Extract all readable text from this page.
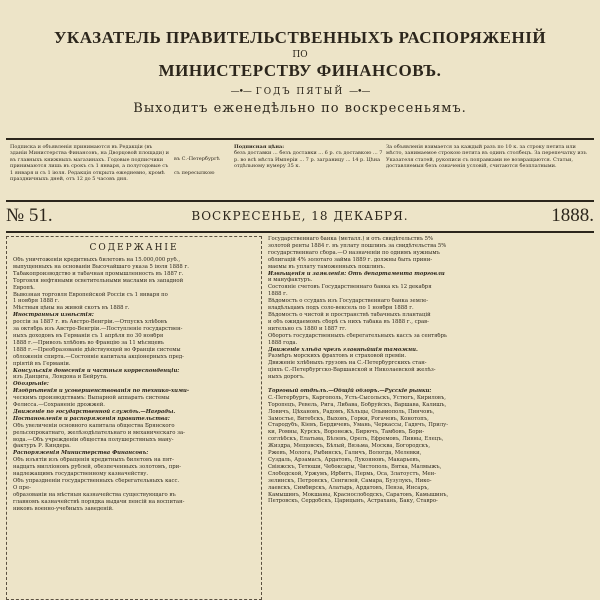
УКАЗАТЕЛЬ ПРАВИТЕЛЬСТВЕННЫХЪ РАСПОРЯЖЕНІЙ
ПО
МИНИСТЕРСТВУ ФИНАНСОВЪ.
—•— ГОДЪ ПЯТЫЙ —•—
Выходитъ еженедѣльно по воскресеньямъ.

Подписка и объявленія принимаются въ Редакціи (въ зданіи Министерства Финансовъ, на Дворцовой площади) и въ главныхъ книжныхъ магазинахъ. Годовые подписчики принимаются лишь въ срокъ съ 1 января, а полугодовые съ 1 января и съ 1 іюля. Редакція открыта ежедневно, кромѣ праздничныхъ дней, отъ 12 до 5 часовъ дня.

въ С.-Петербургѣ
съ пересылкою
Подписная цѣна:
безъ доставки ... безъ доставки ... 6 р. съ доставкою ... 7 р. во всѣ мѣста Имперіи ... 7 р. заграницу ... 14 р. Цѣна отдѣльному нумеру 35 к.

За объявленія взимается за каждый разъ по 10 к. за строку петита или мѣсто, занимаемое строкою петита въ одинъ столбецъ. За перепечатку изъ Указателя статей, рукописи съ поправками не возвращаются. Статьи, доставляемыя безъ означенія условій, считаются безплатными.

№ 51.	ВОСКРЕСЕНЬЕ, 18 ДЕКАБРЯ.	1888.
СОДЕРЖАНІЕ
Объ уничтоженіи кредитныхъ билетовъ на 15.000,000 руб.,
выпущенныхъ на основаніи Высочайшаго указа 5 іюля 1888 г.
Табакопроизводство и табачная промышленность въ 1887 г.
Торговля нефтяными осветительными маслами въ западной
Европѣ.
Вывозная торговля Европейской Россіи съ 1 января по
1 ноября 1888 г.
Мѣстныя цѣны на живой скотъ въ 1888 г.
Иностранныя извѣстія:
россіи за 1887 г. въ Австро-Венгріи.—Отпускъ хлѣбовъ
за октябрь изъ Австро-Венгріи.—Поступленіе государствен-
ныхъ доходовъ въ Германіи съ 1 апрѣля по 30 ноября
1888 г.—Привозъ хлѣбовъ во Францію за 11 мѣсяцевъ
1888 г.—Преобразованіе дѣйствующей во Франціи системы
обложенія спирта.—Состояніе капитала акціонерныхъ пред-
пріятій въ Германіи.
Консульскія донесенія и частныя корреспонденціи:
изъ Данцига, Лондона и Бейрута.
Обозрѣніе:
Изобрѣтенія и усовершенствованія по технико-хими-
ческимъ производствамъ: Выпарной аппаратъ системы
Фелисса.—Сохраненіе дрожжей.
Движеніе по государственной службѣ.—Награды.
Постановленія и распоряженія правительства:
Объ увеличеніи основного капитала общества Брянского
рельсопрокатнаго, желѣзодѣлательнаго и механическаго за-
вода.—Объ учрежденіи общества полушерстяныхъ ману-
фактуръ Р. Киндера.
Распоряженія Министерства Финансовъ:
Объ изъятіи изъ обращенія кредитныхъ билетовъ на пят-
надцать милліоновъ рублей, обезпеченныхъ золотомъ, при-
надлежащимъ государственному казначейству.
Объ упраздненіи государственныхъ сберегательныхъ касс.
О пре-
образованіи на мѣстныя казначейства существующаго въ
главномъ казначействѣ порядка выдачи пенсій на воспитан-
никовъ военно-учебныхъ заведеній.
Государственнаго банка (металл.) и отъ свидѣтельствъ 5%
золотой ренты 1884 г. въ уплату пошлинъ за свидѣтельства 5%
государственнаго сбора.—О назначеніи по однимъ нужнымъ
облигацій 4% золотаго займа 1889 г. должны быть прини-
маемы въ уплату таможенныхъ пошлинъ.
Извѣщенія и заявленія: Отъ департамента торговли
и мануфактуръ.
Состояніе счетовъ Государственнаго банка къ 12 декабря
1888 г.
Вѣдомость о ссудахъ изъ Государственнаго банка земле-
владѣльцамъ подъ соло-вексель по 1 ноября 1888 г.
Вѣдомость о чистой и пространствѣ табачныхъ плантацій
и объ ожидаемомъ сборѣ съ нихъ табака въ 1888 г., срав-
нительно съ 1880 и 1887 гг.
Оборотъ государственныхъ сберегательныхъ кассъ за сентябрь
1888 года.
Движеніе хлѣба чрезъ главнѣйшія таможни.
Размѣръ морскихъ фрахтовъ и страховой преміи.
Движеніе хлѣбныхъ грузовъ на С.-Петербургскихъ стан-
ціяхъ С.-Петербургско-Варшавской и Николаевской желѣз-
ныхъ дорогъ.

Торговый отдѣлъ.—Общій обзоръ.—Русскіе рынки:
С.-Петербургъ, Каргополь, Усть-Сысольскъ, Устюгъ, Кириловъ,
Торопецъ, Ревель, Рига, Либава, Бобруйскъ, Варшава, Калишъ,
Ловичъ, Цѣхановъ, Радомъ, Кѣльцы, Ольвиополь, Пинчовъ,
Замостье, Витебскъ, Выховъ, Горки, Рогачевъ, Конотопъ,
Стародубъ, Кіевъ, Бердичевъ, Умань, Черкассы, Гадячъ, Прилу-
ки, Ромны, Курскъ, Воронежъ, Бирючъ, Тамбовъ, Бори-
соглѣбскъ, Елатьма, Бѣлевъ, Орелъ, Ефремовъ, Ливны, Елецъ,
Жиздра, Мещовскъ, Бѣлый, Вязьма, Москва, Богородскъ,
Ржевъ, Молога, Рыбинскъ, Галичъ, Вологда, Мелевки,
Суздаль, Арзамасъ, Ардатовъ, Лукояновъ, Макарьевъ,
Свіяжскъ, Тетюши, Чебоксары, Чистополь, Вятка, Малмыжъ,
Слободской, Уржумъ, Ирбитъ, Пермь, Оса, Златоустъ, Мен-
зелинскъ, Петровскъ, Сенгилей, Самара, Бузулукъ, Нико-
лаевскъ, Симбирскъ, Алатырь, Ардатовъ, Пенза, Инсаръ,
Камышинъ, Мокшаны, Краснослободскъ, Саратовъ, Камышинъ,
Петровскъ, Сердобскъ, Царицынъ, Астрахань, Баку, Ставро-
